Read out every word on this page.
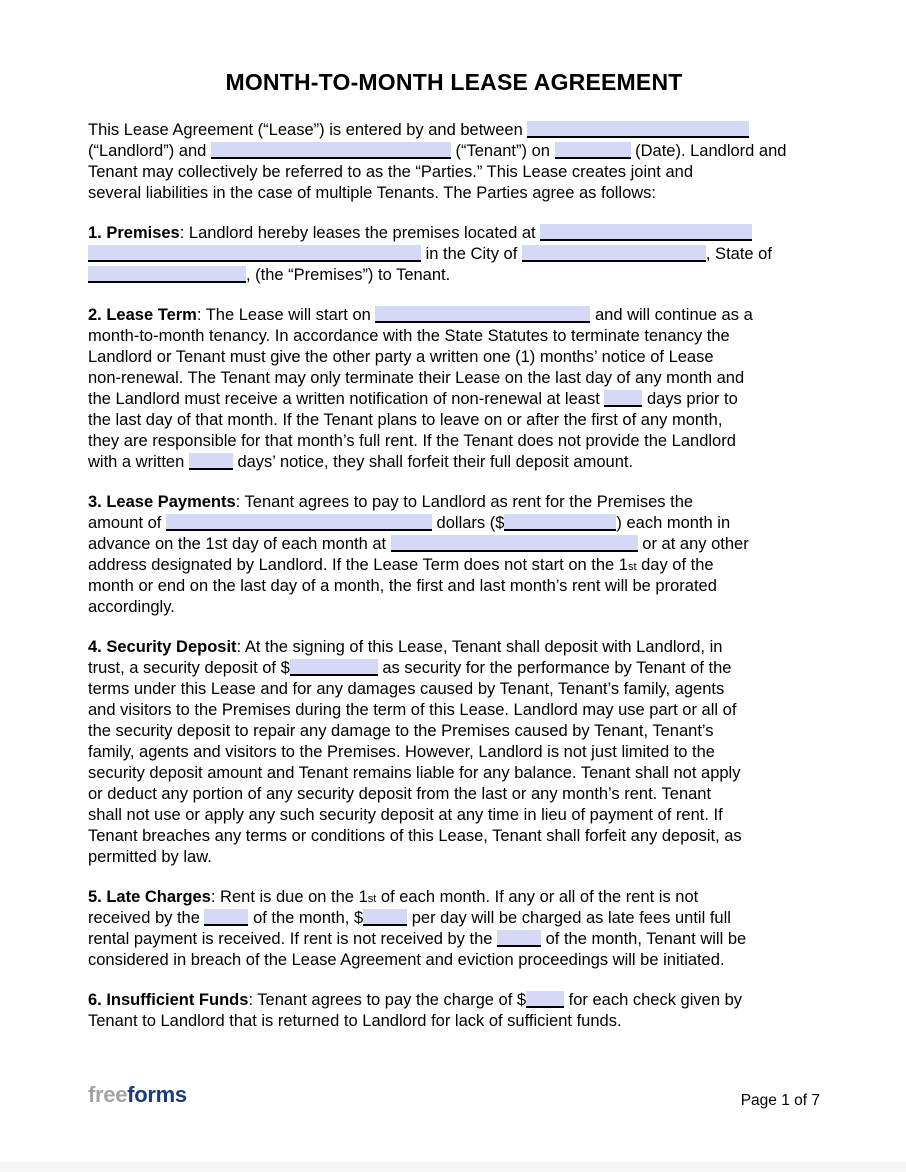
MONTH-TO-MONTH LEASE AGREEMENT
This Lease Agreement (“Lease”) is entered by and between
(“Landlord”) and	(“Tenant”) on	(Date). Landlord and
Tenant may collectively be referred to as the “Parties.” This Lease creates joint and
several liabilities in the case of multiple Tenants. The Parties agree as follows:
1. Premises: Landlord hereby leases the premises located at
in the City of	, State of
, (the “Premises”) to Tenant.
2. Lease Term: The Lease will start on	and will continue as a
month-to-month tenancy. In accordance with the State Statutes to terminate tenancy the
Landlord or Tenant must give the other party a written one (1) months’ notice of Lease
non-renewal. The Tenant may only terminate their Lease on the last day of any month and
the Landlord must receive a written notification of non-renewal at least  days prior to
the last day of that month. If the Tenant plans to leave on or after the first of any month,
they are responsible for that month’s full rent. If the Tenant does not provide the Landlord
with a written	days’ notice, they shall forfeit their full deposit amount.
3. Lease Payments: Tenant agrees to pay to Landlord as rent for the Premises the
amount of	dollars ($	) each month in
advance on the 1st day of each month at	or at any other
address designated by Landlord. If the Lease Term does not start on the 1st day of the
month or end on the last day of a month, the first and last month’s rent will be prorated
accordingly.
4. Security Deposit: At the signing of this Lease, Tenant shall deposit with Landlord, in
trust, a security deposit of $	as security for the performance by Tenant of the
terms under this Lease and for any damages caused by Tenant, Tenant’s family, agents
and visitors to the Premises during the term of this Lease. Landlord may use part or all of
the security deposit to repair any damage to the Premises caused by Tenant, Tenant’s
family, agents and visitors to the Premises. However, Landlord is not just limited to the
security deposit amount and Tenant remains liable for any balance. Tenant shall not apply
or deduct any portion of any security deposit from the last or any month’s rent. Tenant
shall not use or apply any such security deposit at any time in lieu of payment of rent. If
Tenant breaches any terms or conditions of this Lease, Tenant shall forfeit any deposit, as
permitted by law.
5. Late Charges: Rent is due on the 1st of each month. If any or all of the rent is not
received by the	of the month, $	per day will be charged as late fees until full
rental payment is received. If rent is not received by the	of the month, Tenant will be
considered in breach of the Lease Agreement and eviction proceedings will be initiated.
6. Insufficient Funds: Tenant agrees to pay the charge of $ for each check given by
Tenant to Landlord that is returned to Landlord for lack of sufficient funds.
freeforms	Page 1 of 7
